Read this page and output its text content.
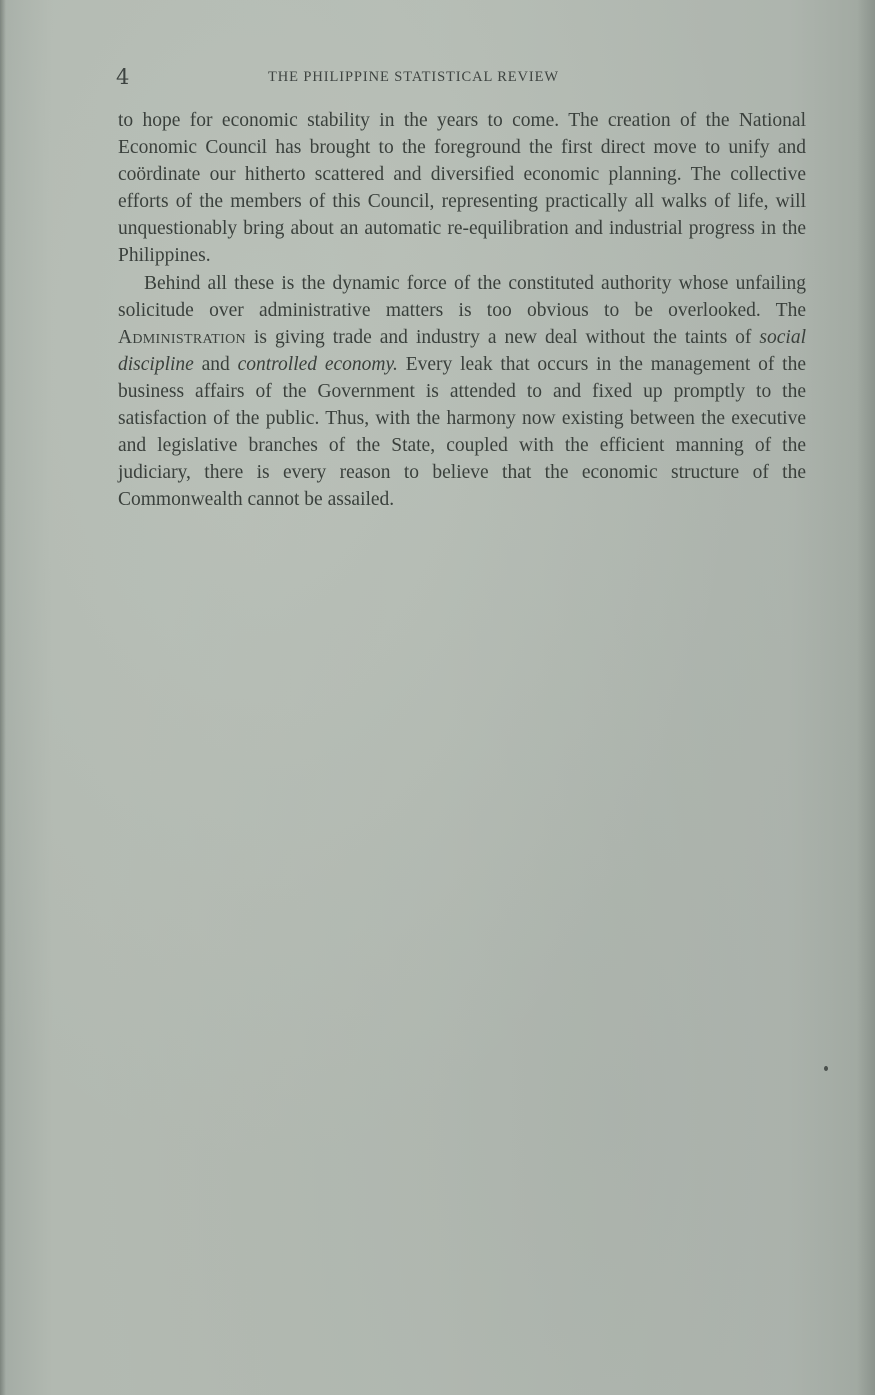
4	THE PHILIPPINE STATISTICAL REVIEW

to hope for economic stability in the years to come. The creation of the National Economic Council has brought to the foreground the first direct move to unify and coördinate our hitherto scattered and diversified economic planning. The collective efforts of the members of this Council, representing practically all walks of life, will unquestionably bring about an automatic re-equilibration and industrial progress in the Philippines.

Behind all these is the dynamic force of the constituted authority whose unfailing solicitude over administrative matters is too obvious to be overlooked. The Administration is giving trade and industry a new deal without the taints of social discipline and controlled economy. Every leak that occurs in the management of the business affairs of the Government is attended to and fixed up promptly to the satisfaction of the public. Thus, with the harmony now existing between the executive and legislative branches of the State, coupled with the efficient manning of the judiciary, there is every reason to believe that the economic structure of the Commonwealth cannot be assailed.
